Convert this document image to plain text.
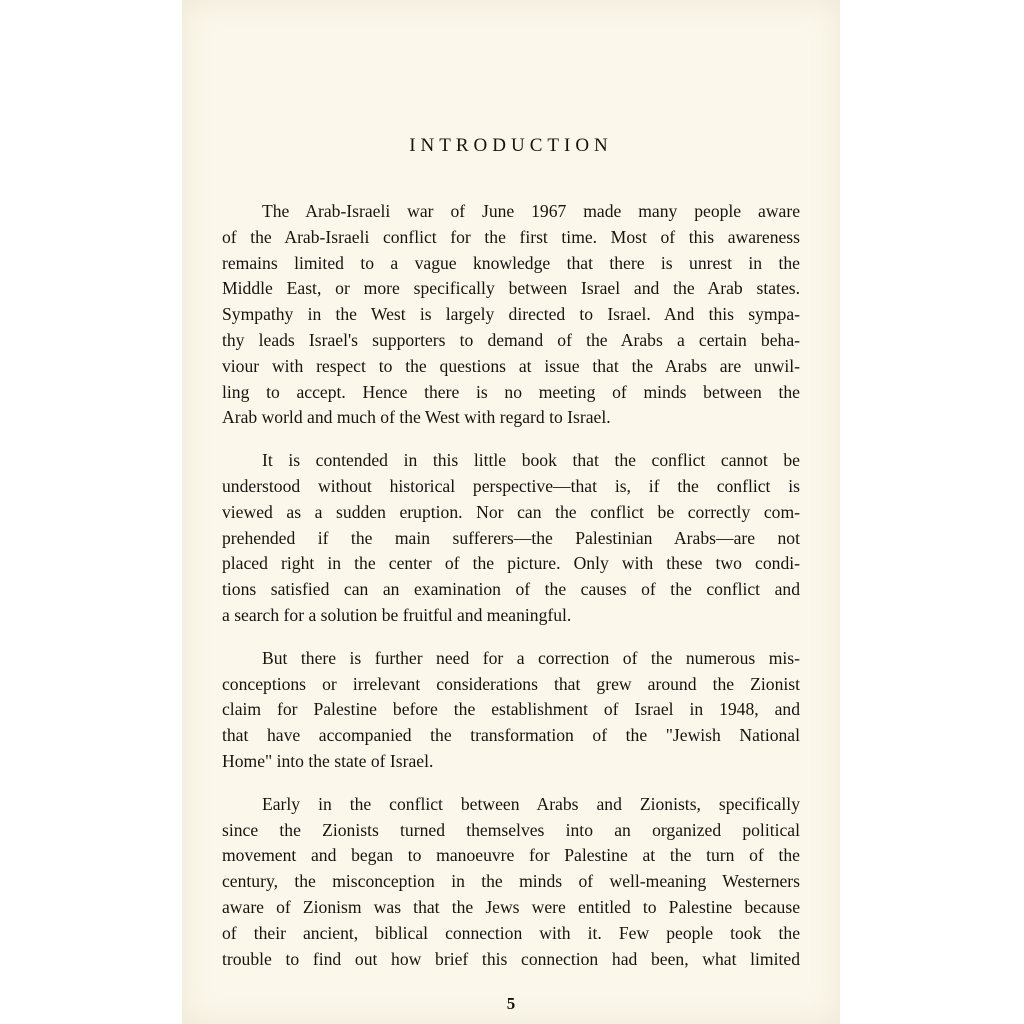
INTRODUCTION

The Arab-Israeli war of June 1967 made many people aware
of the Arab-Israeli conflict for the first time. Most of this awareness
remains limited to a vague knowledge that there is unrest in the
Middle East, or more specifically between Israel and the Arab states.
Sympathy in the West is largely directed to Israel. And this sympa-
thy leads Israel's supporters to demand of the Arabs a certain beha-
viour with respect to the questions at issue that the Arabs are unwil-
ling to accept. Hence there is no meeting of minds between the
Arab world and much of the West with regard to Israel.

It is contended in this little book that the conflict cannot be
understood without historical perspective—that is, if the conflict is
viewed as a sudden eruption. Nor can the conflict be correctly com-
prehended if the main sufferers—the Palestinian Arabs—are not
placed right in the center of the picture. Only with these two condi-
tions satisfied can an examination of the causes of the conflict and
a search for a solution be fruitful and meaningful.

But there is further need for a correction of the numerous mis-
conceptions or irrelevant considerations that grew around the Zionist
claim for Palestine before the establishment of Israel in 1948, and
that have accompanied the transformation of the "Jewish National
Home" into the state of Israel.

Early in the conflict between Arabs and Zionists, specifically
since the Zionists turned themselves into an organized political
movement and began to manoeuvre for Palestine at the turn of the
century, the misconception in the minds of well-meaning Westerners
aware of Zionism was that the Jews were entitled to Palestine because
of their ancient, biblical connection with it. Few people took the
trouble to find out how brief this connection had been, what limited

5
